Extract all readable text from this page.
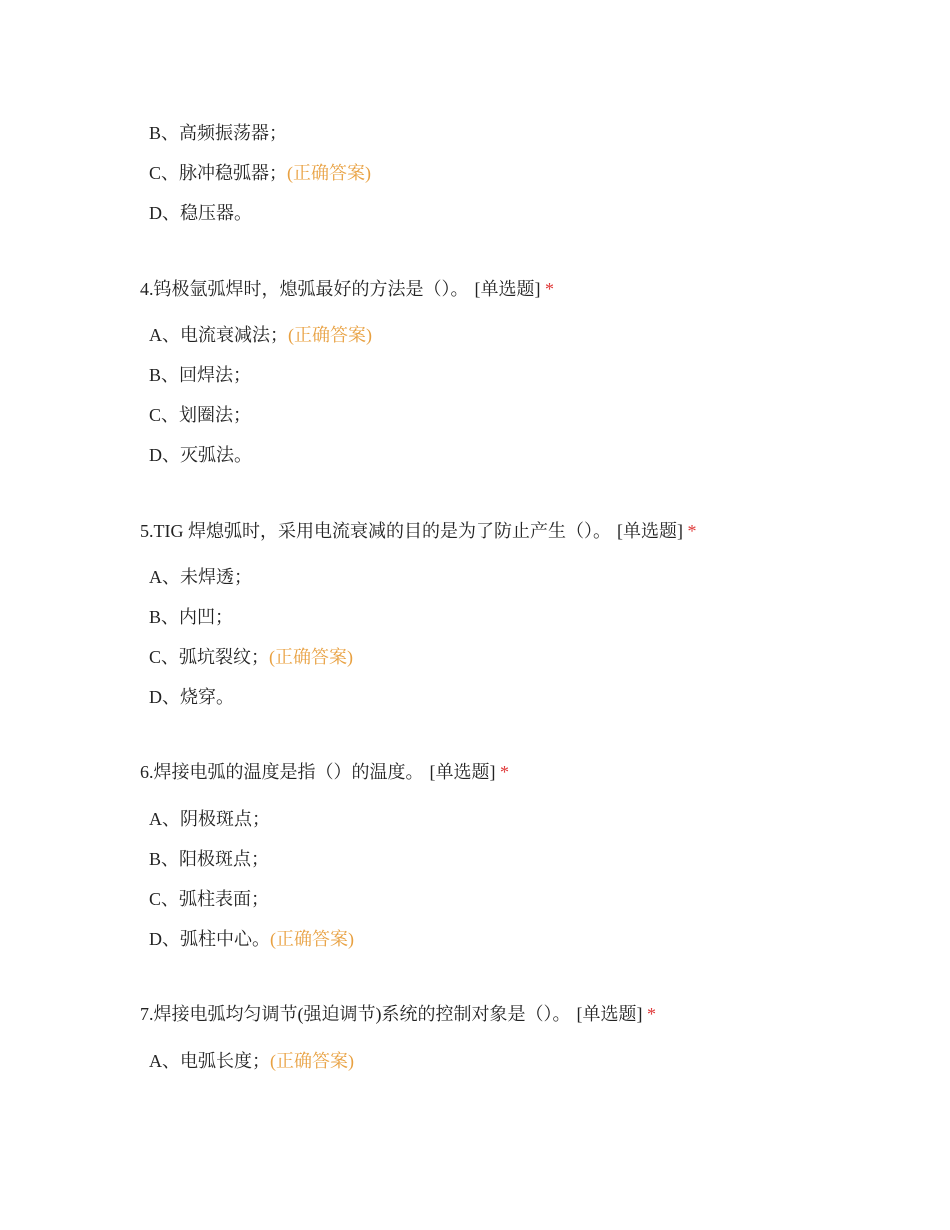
B、高频振荡器；
C、脉冲稳弧器；(正确答案)
D、稳压器。
4.钨极氩弧焊时，熄弧最好的方法是（）。 [单选题] *
A、电流衰减法；(正确答案)
B、回焊法；
C、划圈法；
D、灭弧法。
5.TIG 焊熄弧时，采用电流衰减的目的是为了防止产生（）。 [单选题] *
A、未焊透；
B、内凹；
C、弧坑裂纹；(正确答案)
D、烧穿。
6.焊接电弧的温度是指（）的温度。 [单选题] *
A、阴极斑点；
B、阳极斑点；
C、弧柱表面；
D、弧柱中心。(正确答案)
7.焊接电弧均匀调节(强迫调节)系统的控制对象是（）。 [单选题] *
A、电弧长度；(正确答案)
